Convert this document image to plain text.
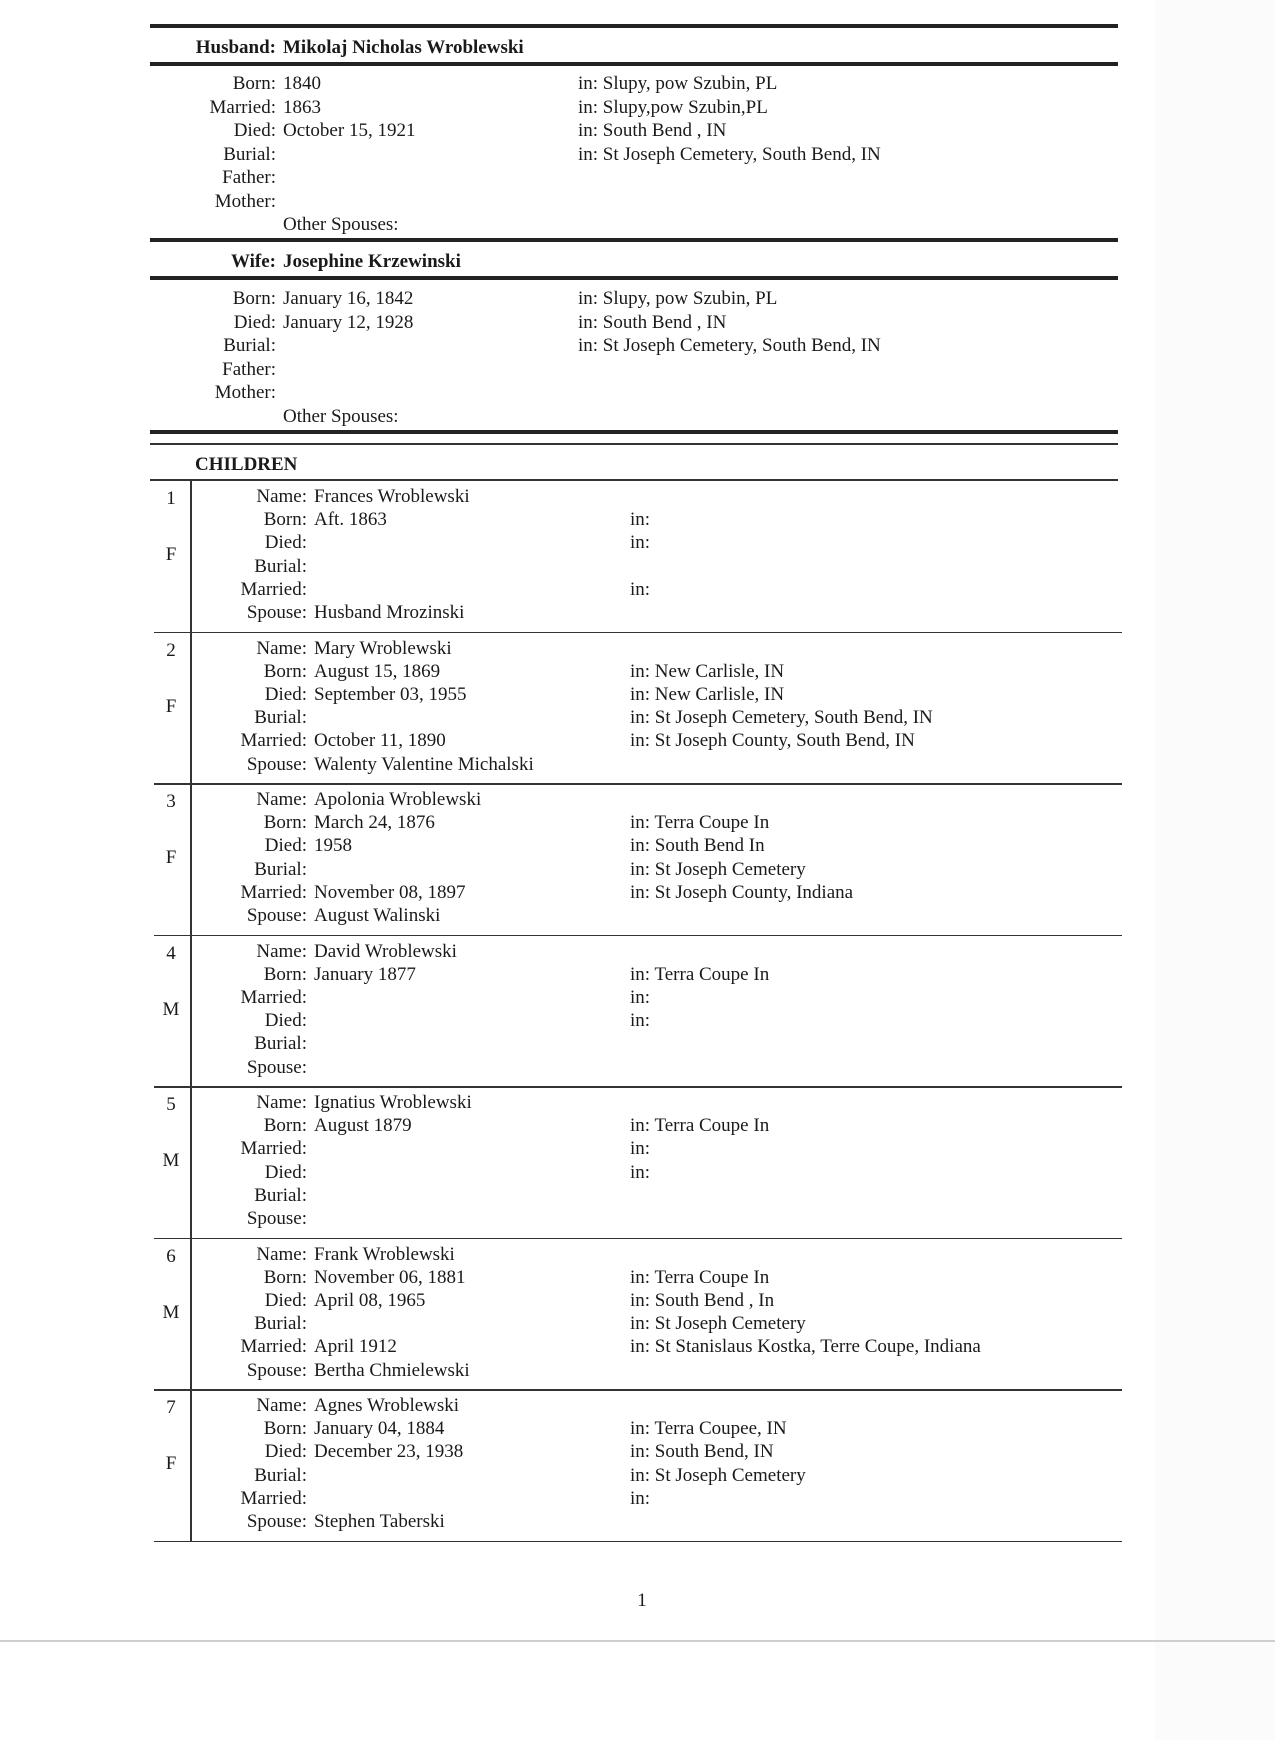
Husband: Mikolaj Nicholas Wroblewski
Born: 1840	in: Slupy, pow Szubin, PL
Married: 1863	in: Slupy,pow Szubin,PL
Died: October 15, 1921	in: South Bend , IN
Burial:	in: St Joseph Cemetery, South Bend, IN
Father:
Mother:
Other Spouses:
Wife: Josephine Krzewinski
Born: January 16, 1842	in: Slupy, pow Szubin, PL
Died: January 12, 1928	in: South Bend , IN
Burial:	in: St Joseph Cemetery, South Bend, IN
Father:
Mother:
Other Spouses:
CHILDREN
1
F
Name: Frances Wroblewski
Born: Aft. 1863	in:
Died:	in:
Burial:
Married:	in:
Spouse: Husband Mrozinski
2
F
Name: Mary Wroblewski
Born: August 15, 1869	in: New Carlisle, IN
Died: September 03, 1955	in: New Carlisle, IN
Burial:	in: St Joseph Cemetery, South Bend, IN
Married: October 11, 1890	in: St Joseph County, South Bend, IN
Spouse: Walenty Valentine Michalski
3
F
Name: Apolonia Wroblewski
Born: March 24, 1876	in: Terra Coupe In
Died: 1958	in: South Bend In
Burial:	in: St Joseph Cemetery
Married: November 08, 1897	in: St Joseph County, Indiana
Spouse: August Walinski
4
M
Name: David Wroblewski
Born: January 1877	in: Terra Coupe In
Married:	in:
Died:	in:
Burial:
Spouse:
5
M
Name: Ignatius Wroblewski
Born: August 1879	in: Terra Coupe In
Married:	in:
Died:	in:
Burial:
Spouse:
6
M
Name: Frank Wroblewski
Born: November 06, 1881	in: Terra Coupe In
Died: April 08, 1965	in: South Bend , In
Burial:	in: St Joseph Cemetery
Married: April 1912	in: St Stanislaus Kostka, Terre Coupe, Indiana
Spouse: Bertha Chmielewski
7
F
Name: Agnes Wroblewski
Born: January 04, 1884	in: Terra Coupee, IN
Died: December 23, 1938	in: South Bend, IN
Burial:	in: St Joseph Cemetery
Married:	in:
Spouse: Stephen Taberski
1
